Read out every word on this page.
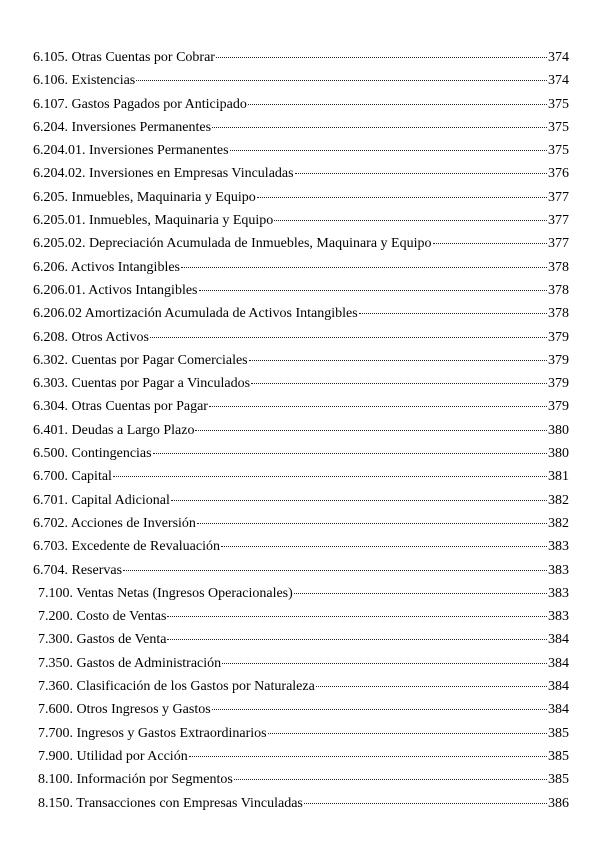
6.105. Otras Cuentas por Cobrar	374
6.106. Existencias	374
6.107. Gastos Pagados por Anticipado	375
6.204. Inversiones Permanentes	375
6.204.01. Inversiones Permanentes	375
6.204.02. Inversiones en Empresas Vinculadas	376
6.205. Inmuebles, Maquinaria y Equipo	377
6.205.01. Inmuebles, Maquinaria y Equipo	377
6.205.02. Depreciación Acumulada de Inmuebles, Maquinara y Equipo	377
6.206. Activos Intangibles	378
6.206.01. Activos Intangibles	378
6.206.02 Amortización Acumulada de Activos Intangibles	378
6.208. Otros Activos	379
6.302. Cuentas por Pagar Comerciales	379
6.303. Cuentas por Pagar a Vinculados	379
6.304. Otras Cuentas por Pagar	379
6.401. Deudas a Largo Plazo	380
6.500. Contingencias	380
6.700. Capital	381
6.701. Capital Adicional	382
6.702. Acciones de Inversión	382
6.703. Excedente de Revaluación	383
6.704. Reservas	383
7.100. Ventas Netas (Ingresos Operacionales)	383
7.200. Costo de Ventas	383
7.300. Gastos de Venta	384
7.350. Gastos de Administración	384
7.360. Clasificación de los Gastos por Naturaleza	384
7.600. Otros Ingresos y Gastos	384
7.700. Ingresos y Gastos Extraordinarios	385
7.900. Utilidad por Acción	385
8.100. Información por Segmentos	385
8.150. Transacciones con Empresas Vinculadas	386
